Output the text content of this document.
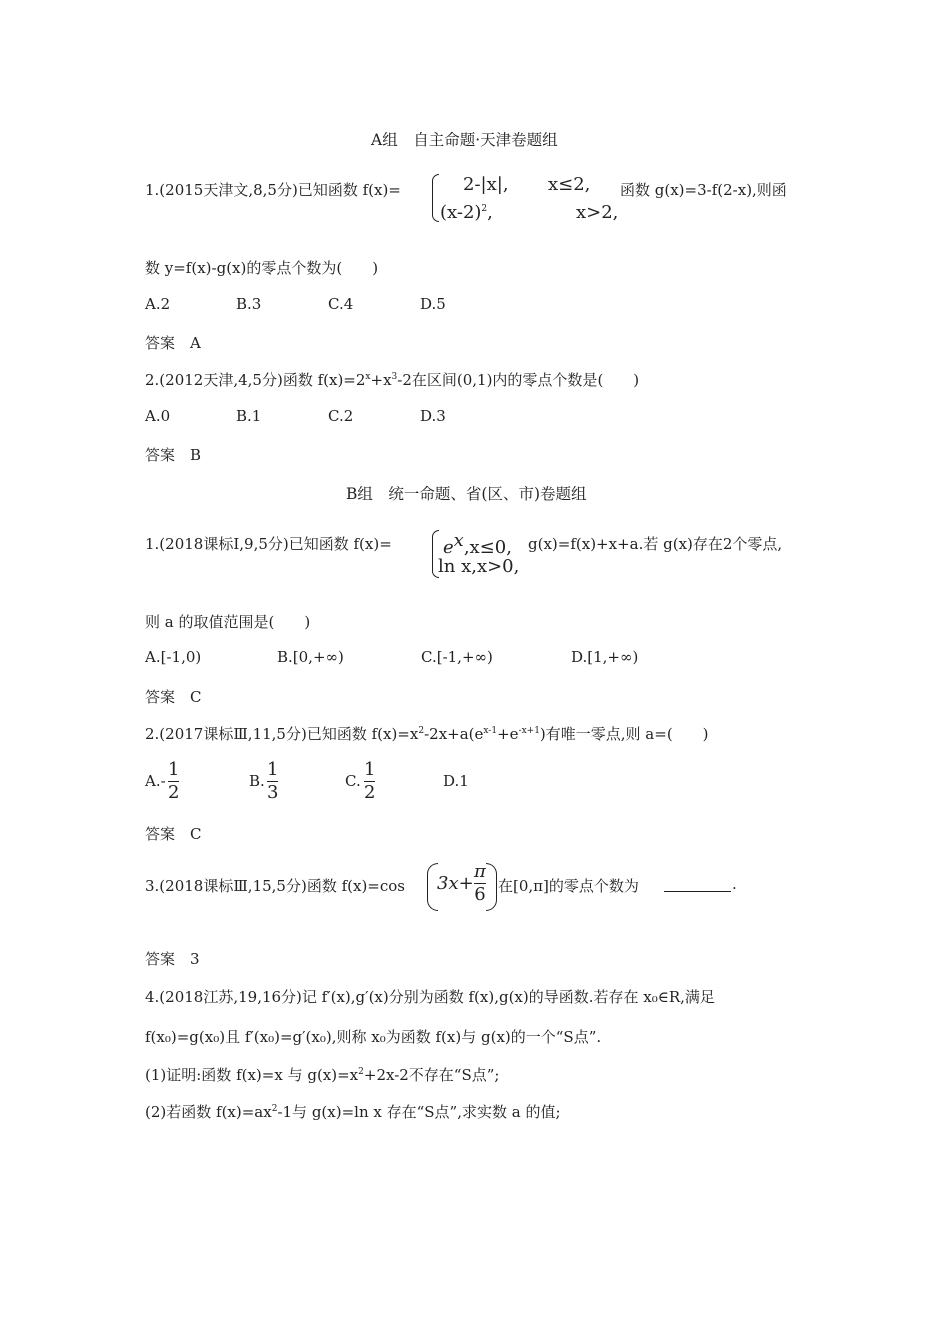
A组　自主命题·天津卷题组
1.(2015天津文,8,5分)已知函数 f(x)=	2-|x|, x≤2,
$(x-2)^2$,	x>2,
函数 g(x)=3-f(2-x),则函
数 y=f(x)-g(x)的零点个数为(　　)
A.2	B.3	C.4	D.5
答案　A
2.(2012天津,4,5分)函数 $f(x)=2^x+x^3-2$在区间(0,1)内的零点个数是(　　)
A.0	B.1	C.2	D.3
答案　B
B组　统一命题、省(区、市)卷题组
1.(2018课标Ⅰ,9,5分)已知函数 f(x)=	$e^x,x\le 0$,
ln x,x>0,
g(x)=f(x)+x+a.若 g(x)存在2个零点,
则 a 的取值范围是(　　)
A.[-1,0)	B.[0,+∞)	C.[-1,+∞)	D.[1,+∞)
答案　C
2.(2017课标Ⅲ,11,5分)已知函数 $f(x)=x^2-2x+a(e^{x-1}+e^{-x+1})$有唯一零点,则 a=(　　)
A.-
1
2
B.
1
3
C.
1
2
D.1
答案　C
3.(2018课标Ⅲ,15,5分)函数 f(x)=cos 3x+
π
6 在[0,π]的零点个数为	.
答案　3
4.(2018江苏,19,16分)记 f′(x),g′(x)分别为函数 f(x),g(x)的导函数.若存在 x₀∈R,满足
f(x₀)=g(x₀)且 f′(x₀)=g′(x₀),则称 x₀为函数 f(x)与 g(x)的一个“S点”.
(1)证明:函数 f(x)=x 与 $g(x)=x^2+2x-2$不存在“S点”;
(2)若函数 $f(x)=ax^2-1$与 g(x)=ln x 存在“S点”,求实数 a 的值;
